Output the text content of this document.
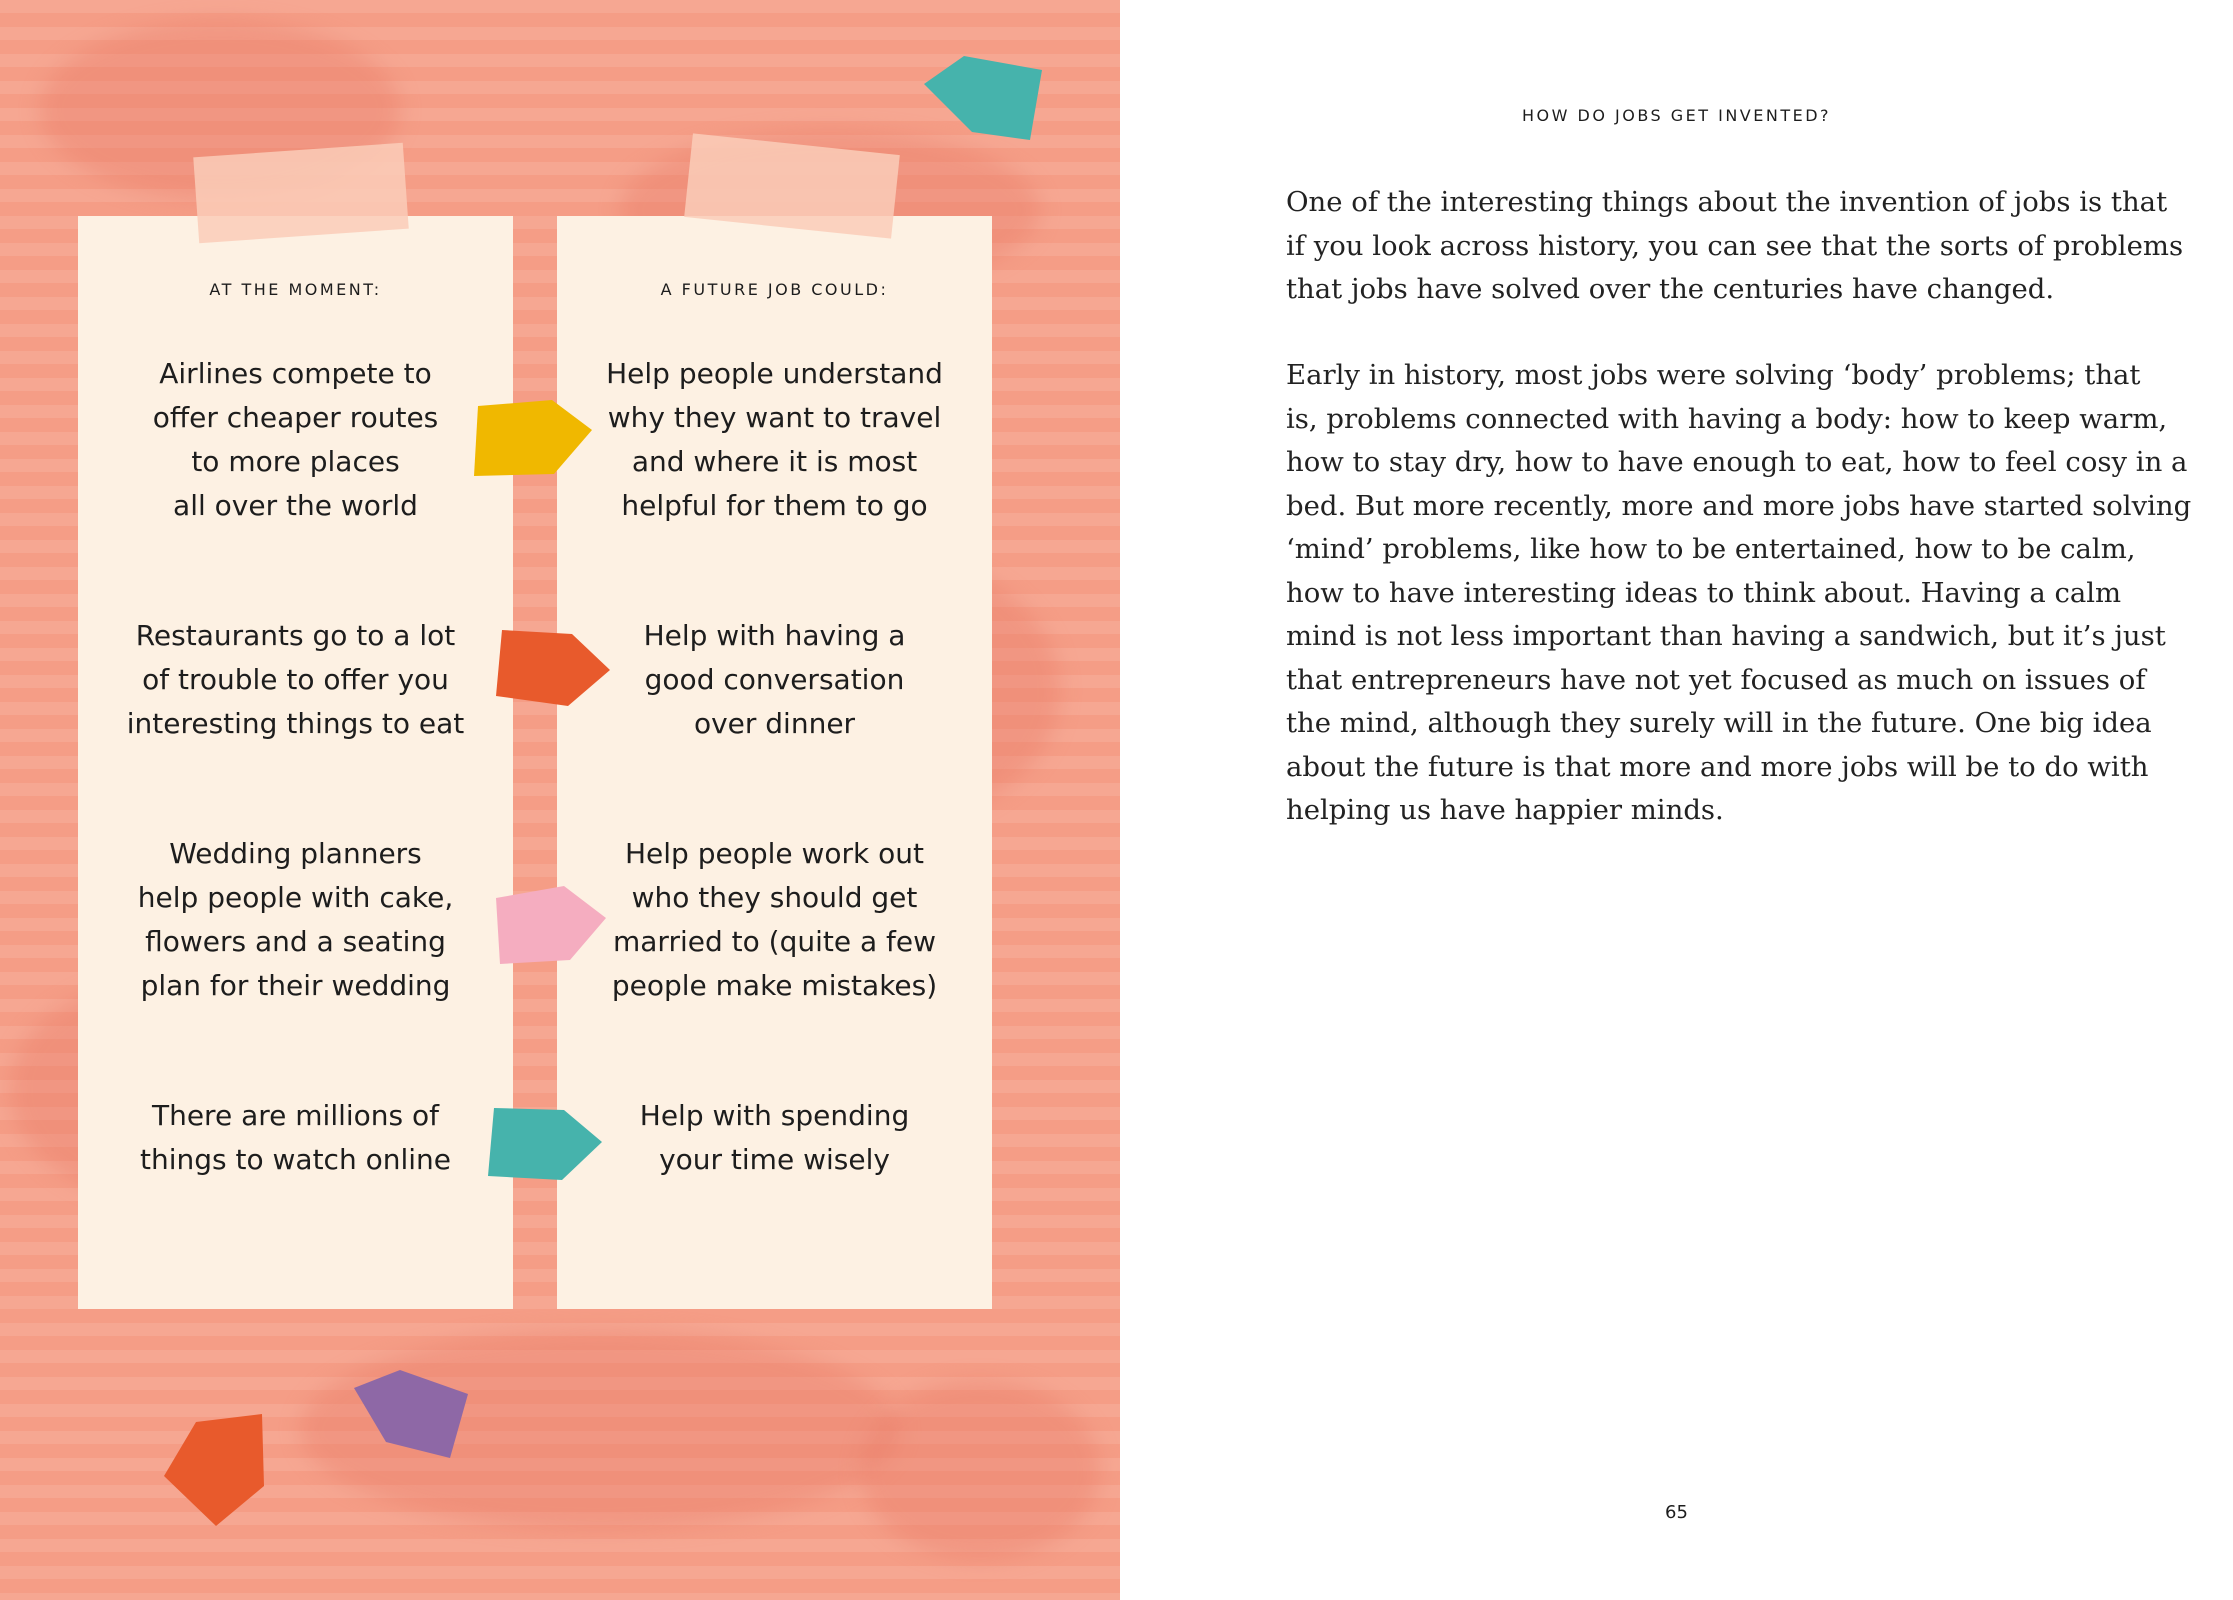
AT THE MOMENT:
Airlines compete to
offer cheaper routes
to more places
all over the world
Restaurants go to a lot
of trouble to offer you
interesting things to eat
Wedding planners
help people with cake,
flowers and a seating
plan for their wedding
There are millions of
things to watch online
A FUTURE JOB COULD:
Help people understand
why they want to travel
and where it is most
helpful for them to go
Help with having a
good conversation
over dinner
Help people work out
who they should get
married to (quite a few
people make mistakes)
Help with spending
your time wisely
HOW DO JOBS GET INVENTED?
One of the interesting things about the invention of jobs is that
if you look across history, you can see that the sorts of problems
that jobs have solved over the centuries have changed.
Early in history, most jobs were solving ‘body’ problems; that
is, problems connected with having a body: how to keep warm,
how to stay dry, how to have enough to eat, how to feel cosy in a
bed. But more recently, more and more jobs have started solving
‘mind’ problems, like how to be entertained, how to be calm,
how to have interesting ideas to think about. Having a calm
mind is not less important than having a sandwich, but it’s just
that entrepreneurs have not yet focused as much on issues of
the mind, although they surely will in the future. One big idea
about the future is that more and more jobs will be to do with
helping us have happier minds.
65
